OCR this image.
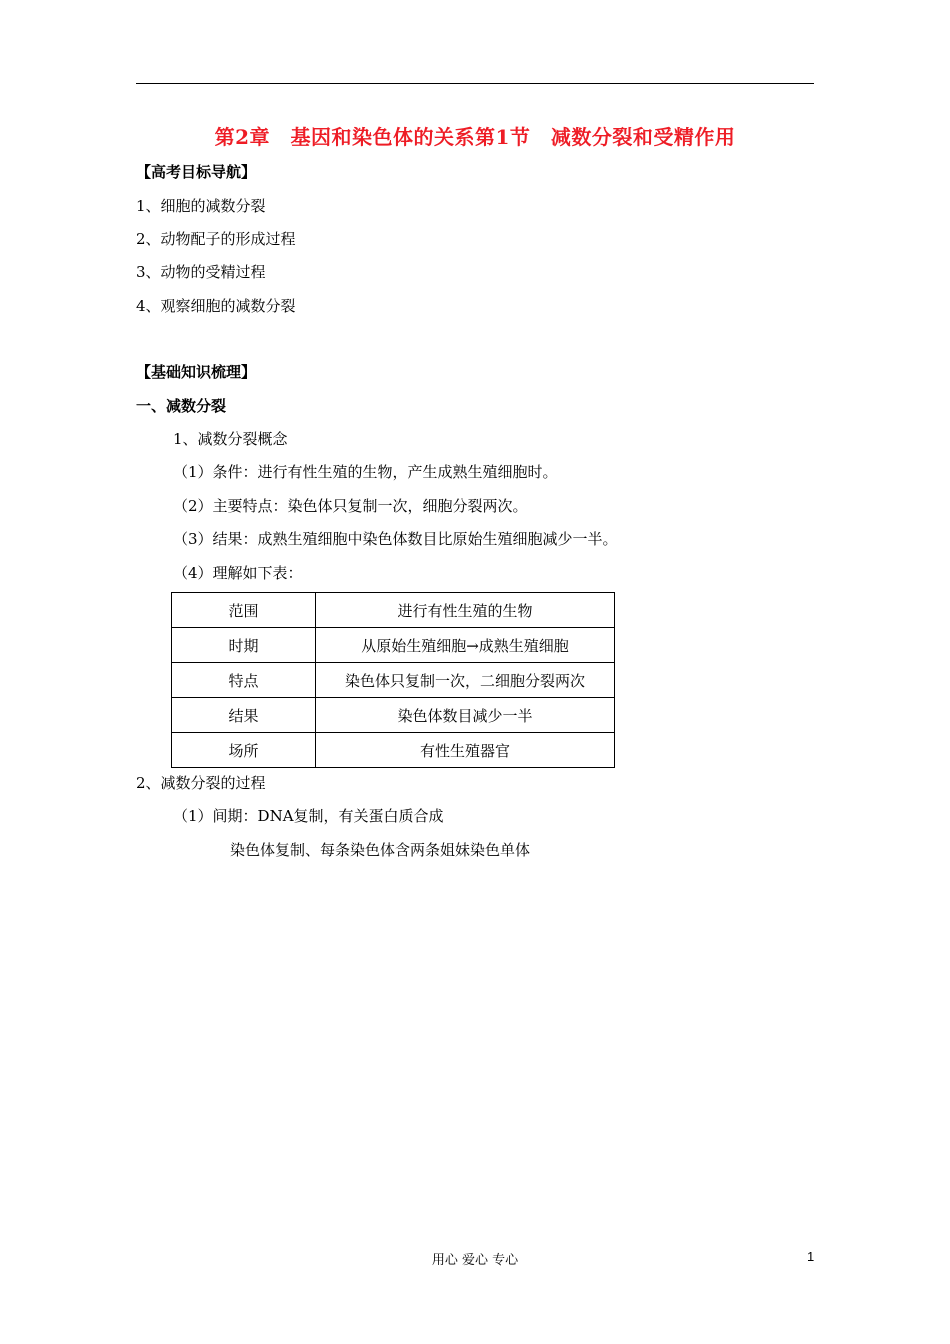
第2章　基因和染色体的关系第1节　减数分裂和受精作用
【高考目标导航】
1、细胞的减数分裂
2、动物配子的形成过程
3、动物的受精过程
4、观察细胞的减数分裂
【基础知识梳理】
一、减数分裂
1、减数分裂概念
（1）条件：进行有性生殖的生物，产生成熟生殖细胞时。
（2）主要特点：染色体只复制一次，细胞分裂两次。
（3）结果：成熟生殖细胞中染色体数目比原始生殖细胞减少一半。
（4）理解如下表：
范围	进行有性生殖的生物
时期	从原始生殖细胞→成熟生殖细胞
特点	染色体只复制一次，二细胞分裂两次
结果	染色体数目减少一半
场所	有性生殖器官
2、减数分裂的过程
（1）间期：DNA复制，有关蛋白质合成
染色体复制、每条染色体含两条姐妹染色单体
用心 爱心 专心	1
